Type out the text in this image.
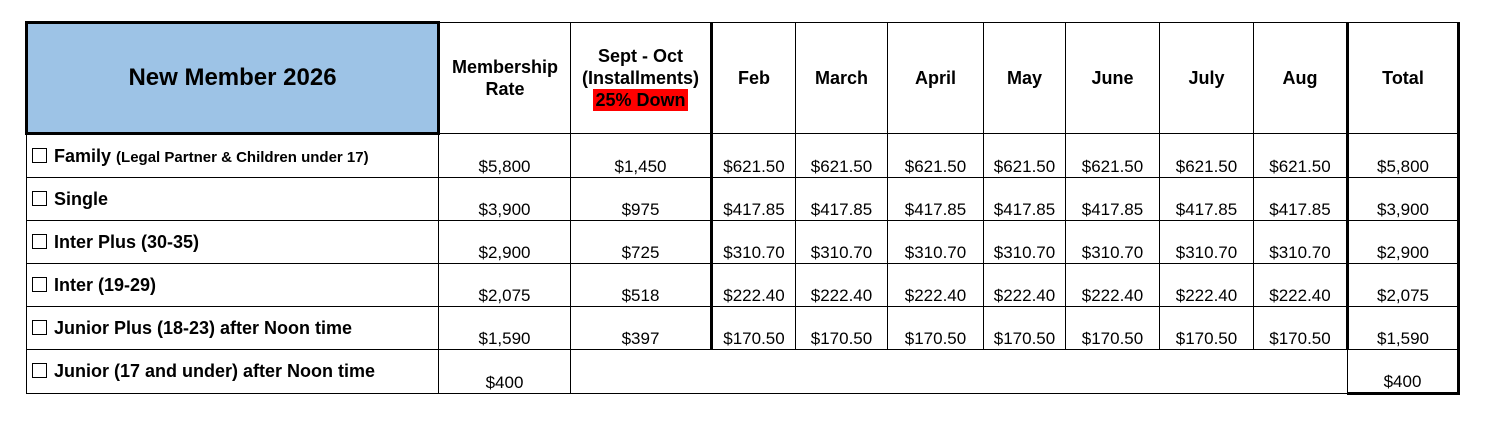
New Member 2026	Membership Rate	Sept - Oct
(Installments)
25% Down	Feb	March	April	May	June	July	Aug	Total
Family (Legal Partner & Children under 17)	$5,800	$1,450	$621.50	$621.50	$621.50	$621.50	$621.50	$621.50	$621.50	$5,800
Single	$3,900	$975	$417.85	$417.85	$417.85	$417.85	$417.85	$417.85	$417.85	$3,900
Inter Plus (30-35)	$2,900	$725	$310.70	$310.70	$310.70	$310.70	$310.70	$310.70	$310.70	$2,900
Inter (19-29)	$2,075	$518	$222.40	$222.40	$222.40	$222.40	$222.40	$222.40	$222.40	$2,075
Junior Plus (18-23) after Noon time	$1,590	$397	$170.50	$170.50	$170.50	$170.50	$170.50	$170.50	$170.50	$1,590
Junior (17 and under) after Noon time	$400									$400
